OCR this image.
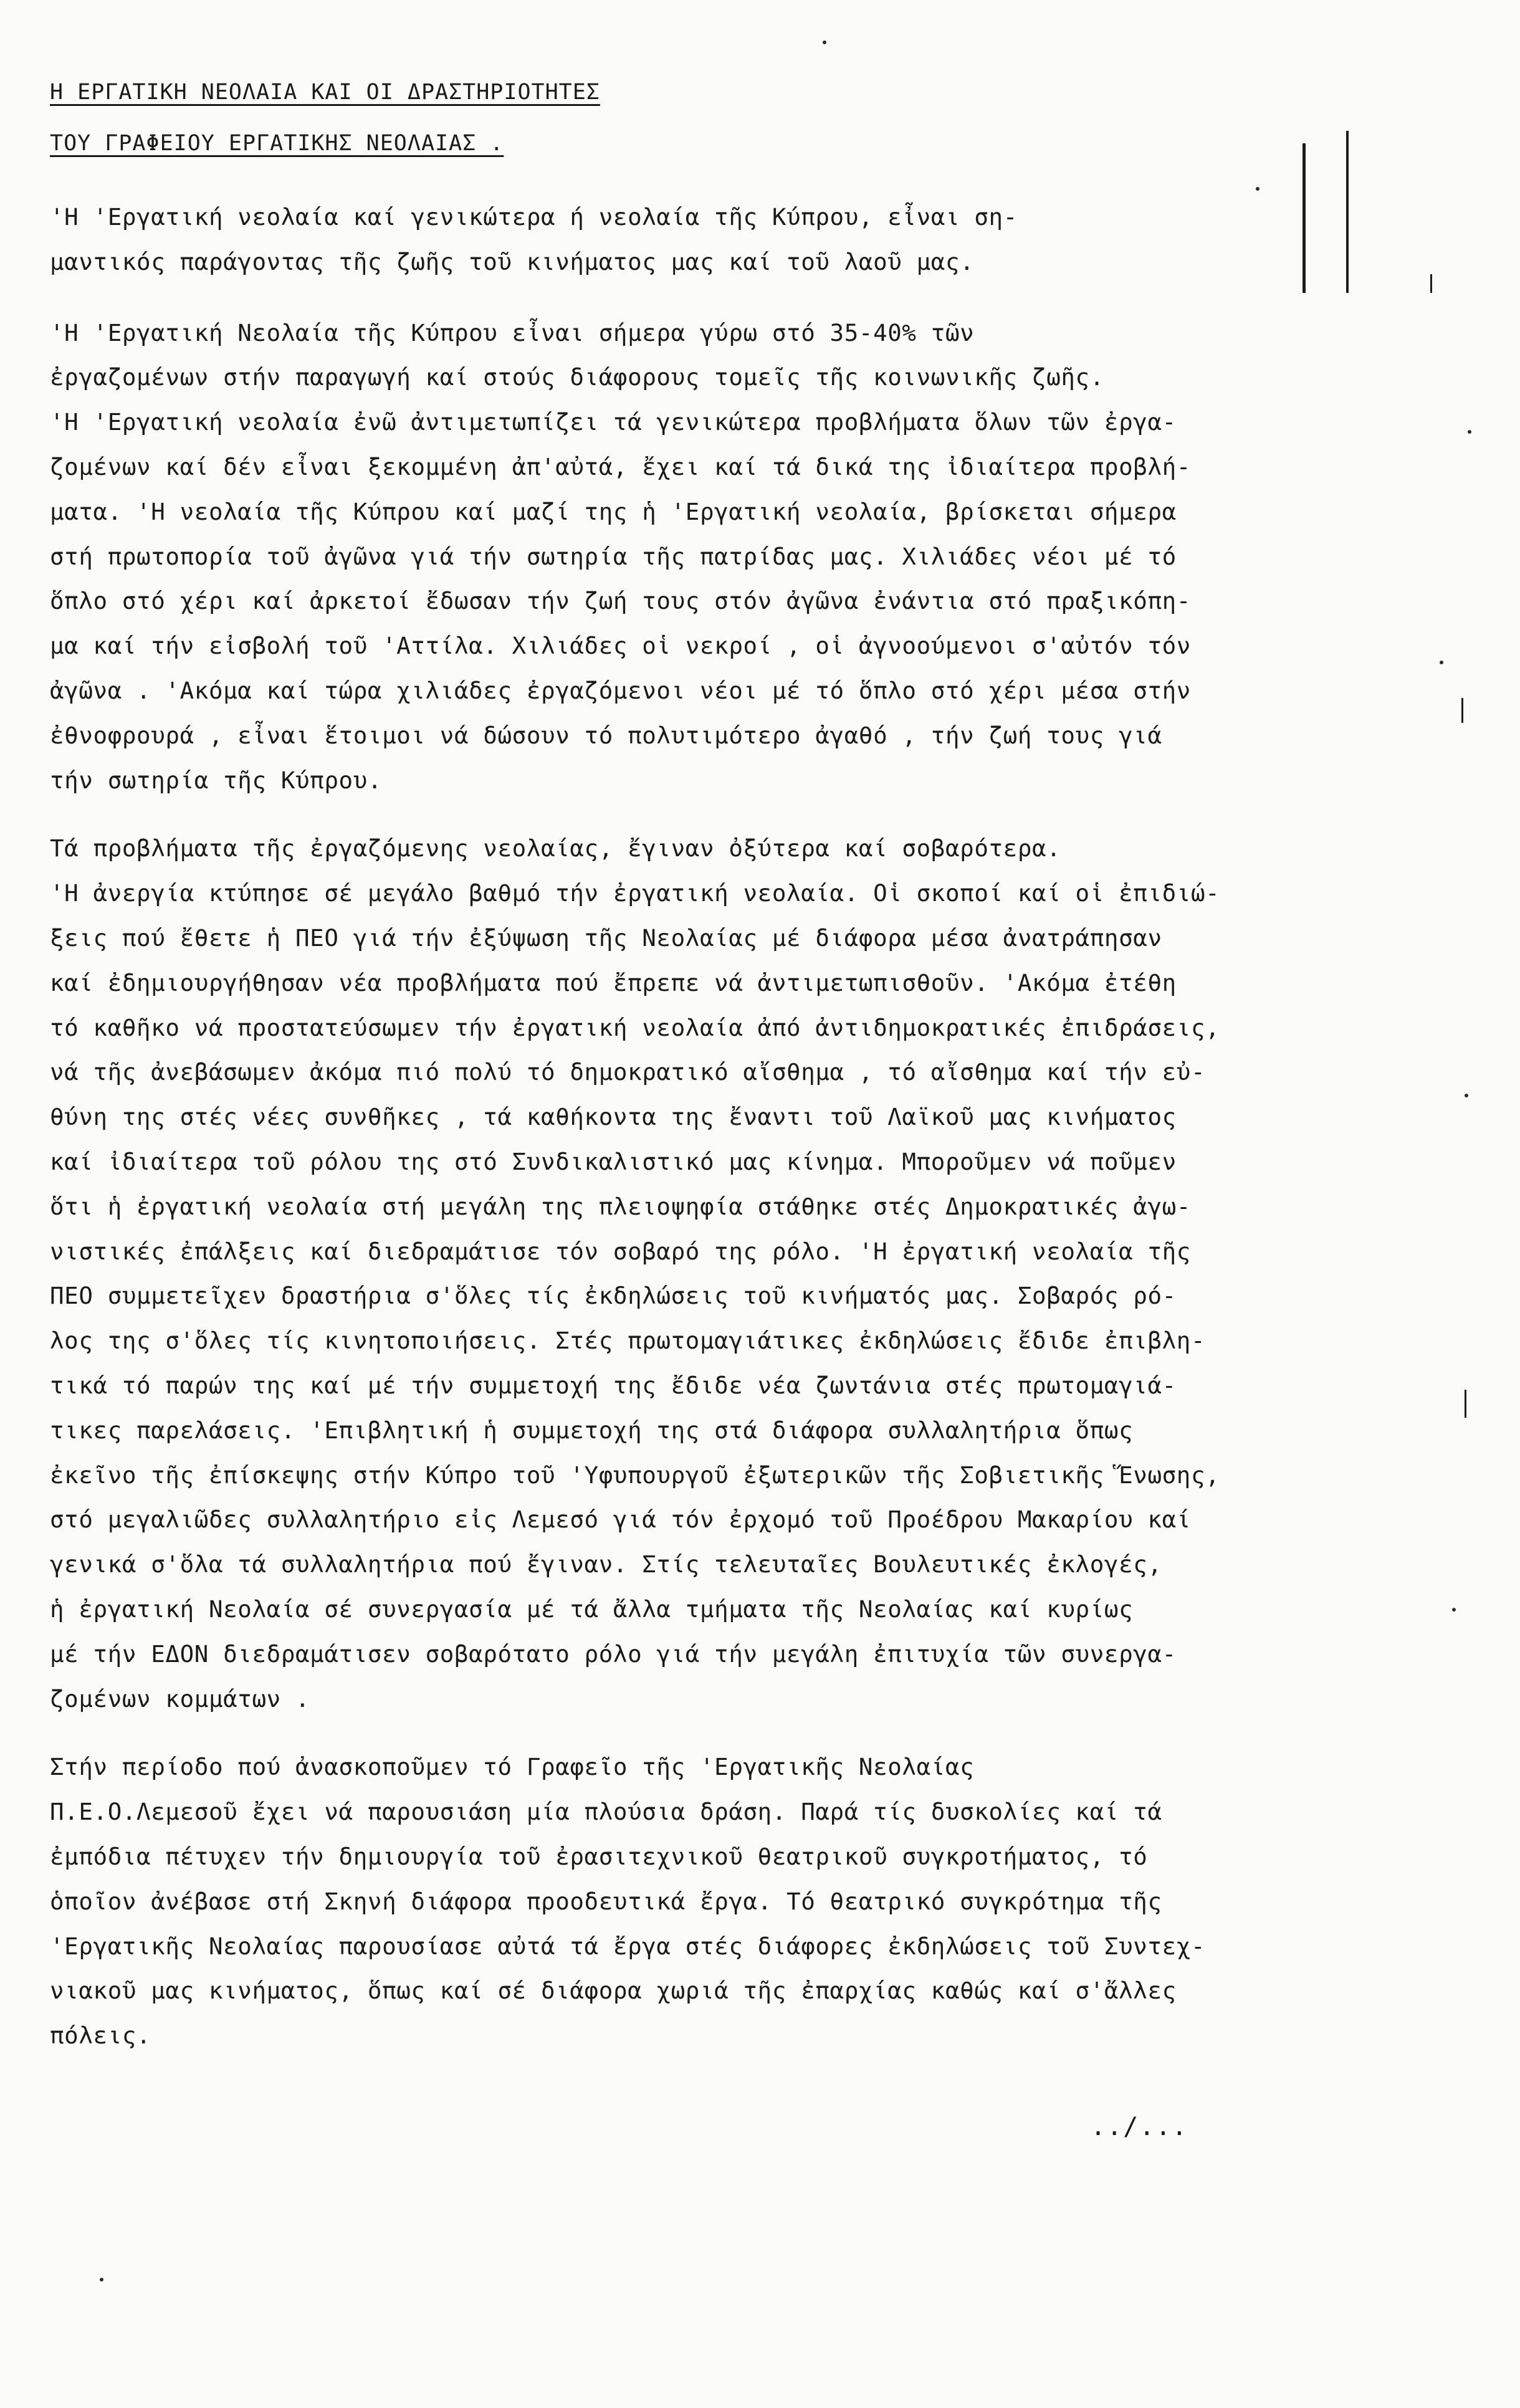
Η ΕΡΓΑΤΙΚΗ ΝΕΟΛΑΙΑ ΚΑΙ ΟΙ ΔΡΑΣΤΗΡΙΟΤΗΤΕΣ
ΤΟΥ ΓΡΑΦΕΙΟΥ ΕΡΓΑΤΙΚΗΣ ΝΕΟΛΑΙΑΣ .
'Η 'Εργατική νεολαία καί γενικώτερα ή νεολαία τῆς Κύπρου, εἶναι ση-
μαντικός παράγοντας τῆς ζωῆς τοῦ κινήματος μας καί τοῦ λαοῦ μας.
'Η 'Εργατική Νεολαία τῆς Κύπρου εἶναι σήμερα γύρω στό 35-40% τῶν
ἐργαζομένων στήν παραγωγή καί στούς διάφορους τομεῖς τῆς κοινωνικῆς ζωῆς.
'Η 'Εργατική νεολαία ἐνῶ ἀντιμετωπίζει τά γενικώτερα προβλήματα ὅλων τῶν ἐργα-
ζομένων καί δέν εἶναι ξεκομμένη ἀπ'αὐτά, ἔχει καί τά δικά της ἰδιαίτερα προβλή-
ματα. 'Η νεολαία τῆς Κύπρου καί μαζί της ἡ 'Εργατική νεολαία, βρίσκεται σήμερα
στή πρωτοπορία τοῦ ἀγῶνα γιά τήν σωτηρία τῆς πατρίδας μας. Χιλιάδες νέοι μέ τό
ὅπλο στό χέρι καί ἀρκετοί ἔδωσαν τήν ζωή τους στόν ἀγῶνα ἐνάντια στό πραξικόπη-
μα καί τήν εἰσβολή τοῦ 'Αττίλα. Χιλιάδες οἱ νεκροί , οἱ ἀγνοούμενοι σ'αὐτόν τόν
ἀγῶνα . 'Ακόμα καί τώρα χιλιάδες ἐργαζόμενοι νέοι μέ τό ὅπλο στό χέρι μέσα στήν
ἐθνοφρουρά , εἶναι ἕτοιμοι νά δώσουν τό πολυτιμότερο ἀγαθό , τήν ζωή τους γιά
τήν σωτηρία τῆς Κύπρου.
Τά προβλήματα τῆς ἐργαζόμενης νεολαίας, ἔγιναν ὀξύτερα καί σοβαρότερα.
'Η ἀνεργία κτύπησε σέ μεγάλο βαθμό τήν ἐργατική νεολαία. Οἱ σκοποί καί οἱ ἐπιδιώ-
ξεις πού ἔθετε ἡ ΠΕΟ γιά τήν ἐξύψωση τῆς Νεολαίας μέ διάφορα μέσα ἀνατράπησαν
καί ἐδημιουργήθησαν νέα προβλήματα πού ἔπρεπε νά ἀντιμετωπισθοῦν. 'Ακόμα ἐτέθη
τό καθῆκο νά προστατεύσωμεν τήν ἐργατική νεολαία ἀπό ἀντιδημοκρατικές ἐπιδράσεις,
νά τῆς ἀνεβάσωμεν ἀκόμα πιό πολύ τό δημοκρατικό αἴσθημα , τό αἴσθημα καί τήν εὐ-
θύνη της στές νέες συνθῆκες , τά καθήκοντα της ἔναντι τοῦ Λαϊκοῦ μας κινήματος
καί ἰδιαίτερα τοῦ ρόλου της στό Συνδικαλιστικό μας κίνημα. Μποροῦμεν νά ποῦμεν
ὅτι ἡ ἐργατική νεολαία στή μεγάλη της πλειοψηφία στάθηκε στές Δημοκρατικές ἀγω-
νιστικές ἐπάλξεις καί διεδραμάτισε τόν σοβαρό της ρόλο. 'Η ἐργατική νεολαία τῆς
ΠΕΟ συμμετεῖχεν δραστήρια σ'ὅλες τίς ἐκδηλώσεις τοῦ κινήματός μας. Σοβαρός ρό-
λος της σ'ὅλες τίς κινητοποιήσεις. Στές πρωτομαγιάτικες ἐκδηλώσεις ἔδιδε ἐπιβλη-
τικά τό παρών της καί μέ τήν συμμετοχή της ἔδιδε νέα ζωντάνια στές πρωτομαγιά-
τικες παρελάσεις. 'Επιβλητική ἡ συμμετοχή της στά διάφορα συλλαλητήρια ὅπως
ἐκεῖνο τῆς ἐπίσκεψης στήν Κύπρο τοῦ 'Υφυπουργοῦ ἐξωτερικῶν τῆς Σοβιετικῆς Ἕνωσης,
στό μεγαλιῶδες συλλαλητήριο εἰς Λεμεσό γιά τόν ἐρχομό τοῦ Προέδρου Μακαρίου καί
γενικά σ'ὅλα τά συλλαλητήρια πού ἔγιναν. Στίς τελευταῖες Βουλευτικές ἐκλογές,
ἡ ἐργατική Νεολαία σέ συνεργασία μέ τά ἄλλα τμήματα τῆς Νεολαίας καί κυρίως
μέ τήν ΕΔΟΝ διεδραμάτισεν σοβαρότατο ρόλο γιά τήν μεγάλη ἐπιτυχία τῶν συνεργα-
ζομένων κομμάτων .
Στήν περίοδο πού ἀνασκοποῦμεν τό Γραφεῖο τῆς 'Εργατικῆς Νεολαίας
Π.Ε.Ο.Λεμεσοῦ ἔχει νά παρουσιάση μία πλούσια δράση. Παρά τίς δυσκολίες καί τά
ἐμπόδια πέτυχεν τήν δημιουργία τοῦ ἐρασιτεχνικοῦ θεατρικοῦ συγκροτήματος, τό
ὁποῖον ἀνέβασε στή Σκηνή διάφορα προοδευτικά ἔργα. Τό θεατρικό συγκρότημα τῆς
'Εργατικῆς Νεολαίας παρουσίασε αὐτά τά ἔργα στές διάφορες ἐκδηλώσεις τοῦ Συντεχ-
νιακοῦ μας κινήματος, ὅπως καί σέ διάφορα χωριά τῆς ἐπαρχίας καθώς καί σ'ἄλλες
πόλεις.
../...
